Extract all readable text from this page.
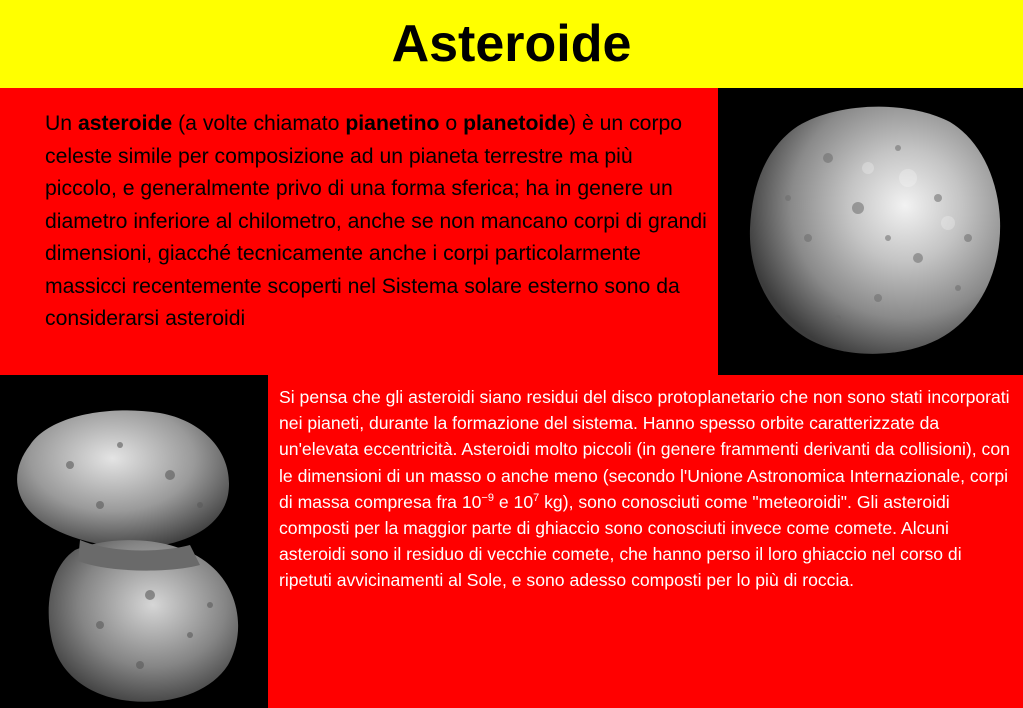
Asteroide

Un asteroide (a volte chiamato pianetino o planetoide) è un corpo celeste simile per composizione ad un pianeta terrestre ma più piccolo, e generalmente privo di una forma sferica; ha in genere un diametro inferiore al chilometro, anche se non mancano corpi di grandi dimensioni, giacché tecnicamente anche i corpi particolarmente massicci recentemente scoperti nel Sistema solare esterno sono da considerarsi asteroidi

Si pensa che gli asteroidi siano residui del disco protoplanetario che non sono stati incorporati nei pianeti, durante la formazione del sistema. Hanno spesso orbite caratterizzate da un'elevata eccentricità. Asteroidi molto piccoli (in genere frammenti derivanti da collisioni), con le dimensioni di un masso o anche meno (secondo l'Unione Astronomica Internazionale, corpi di massa compresa fra $10^{-9}$ e $10^7$ kg), sono conosciuti come "meteoroidi". Gli asteroidi composti per la maggior parte di ghiaccio sono conosciuti invece come comete. Alcuni asteroidi sono il residuo di vecchie comete, che hanno perso il loro ghiaccio nel corso di ripetuti avvicinamenti al Sole, e sono adesso composti per lo più di roccia.
